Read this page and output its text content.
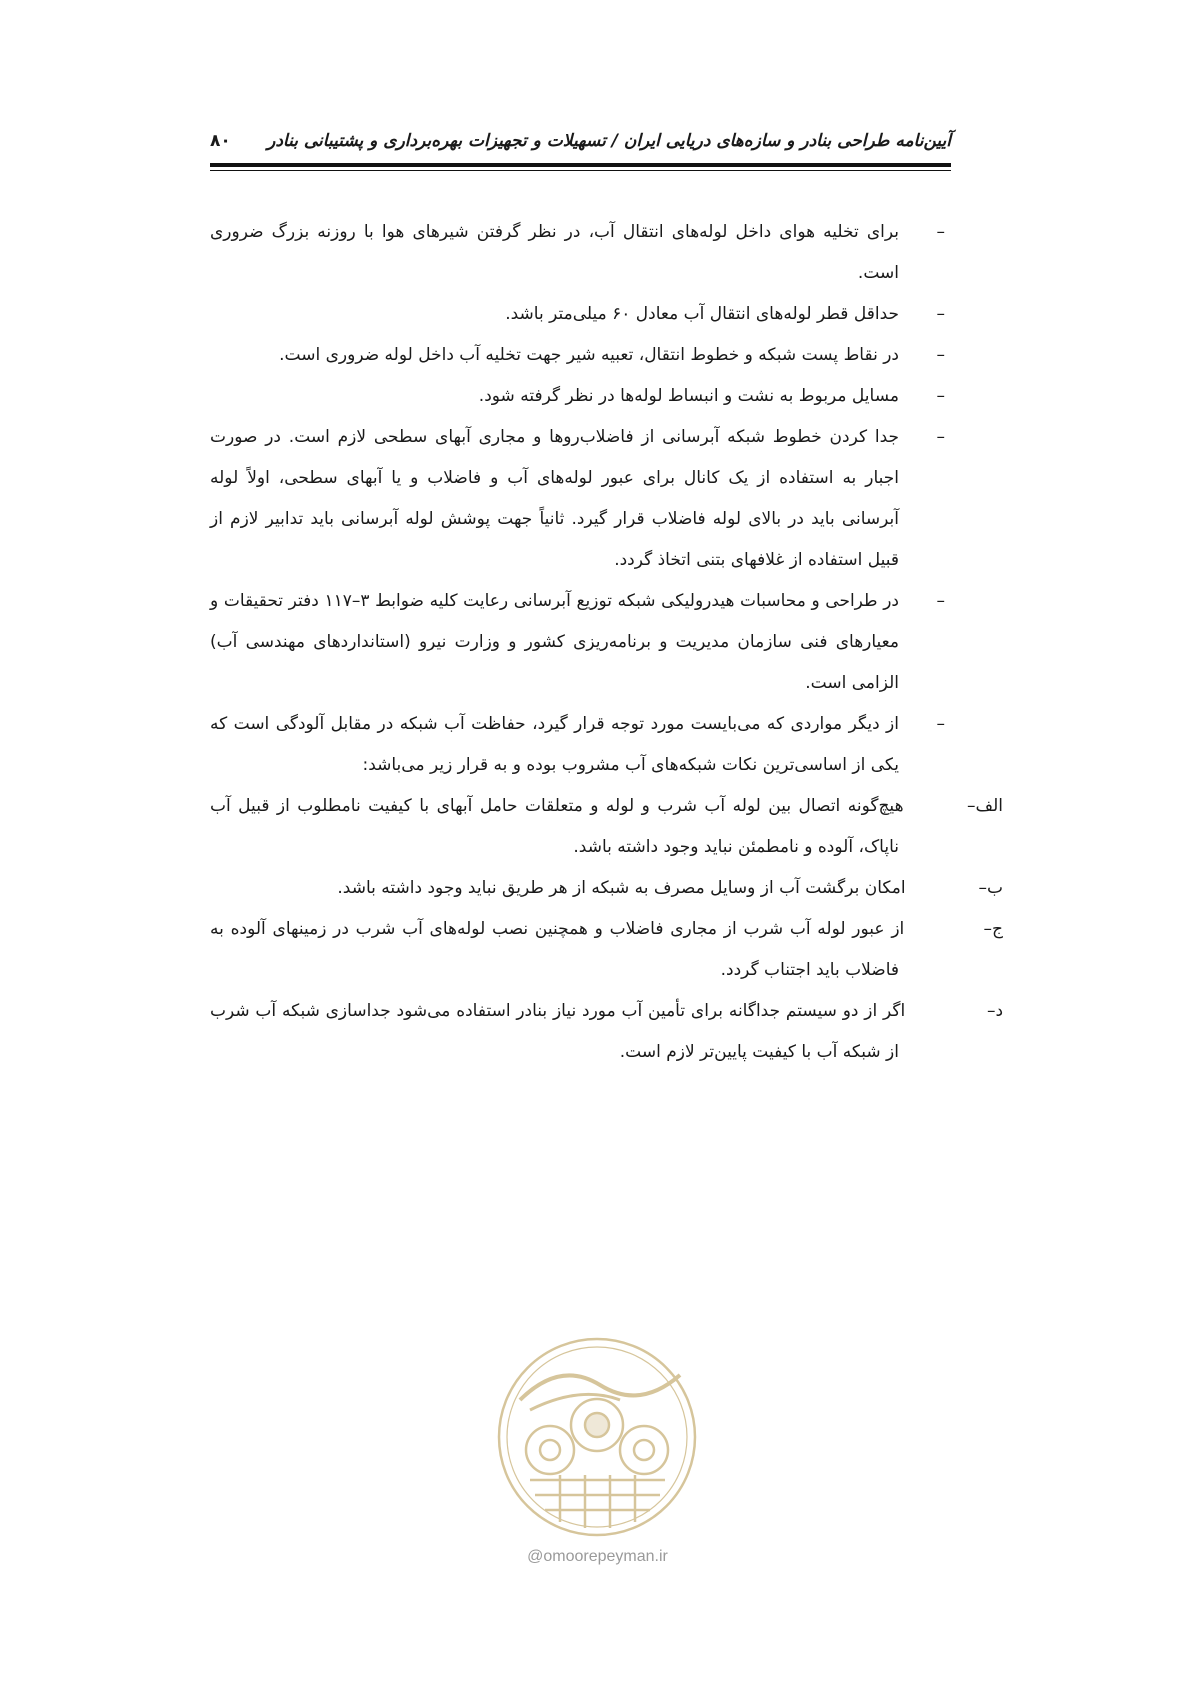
آیین‌نامه طراحی بنادر و سازه‌های دریایی ایران / تسهیلات و تجهیزات بهره‌برداری و پشتیبانی بنادر
۸۰
–
برای تخلیه هوای داخل لوله‌های انتقال آب، در نظر گرفتن شیرهای هوا با روزنه بزرگ ضروری است.
–
حداقل قطر لوله‌های انتقال آب معادل ۶۰ میلی‌متر باشد.
–
در نقاط پست شبکه و خطوط انتقال، تعبیه شیر جهت تخلیه آب داخل لوله ضروری است.
–
مسایل مربوط به نشت و انبساط لوله‌ها در نظر گرفته شود.
–
جدا کردن خطوط شبکه آبرسانی از فاضلاب‌روها و مجاری آبهای سطحی لازم است. در صورت اجبار به استفاده از یک کانال برای عبور لوله‌های آب و فاضلاب و یا آبهای سطحی، اولاً لوله آبرسانی باید در بالای لوله فاضلاب قرار گیرد. ثانیاً جهت پوشش لوله آبرسانی باید تدابیر لازم از قبیل استفاده از غلافهای بتنی اتخاذ گردد.
–
در طراحی و محاسبات هیدرولیکی شبکه توزیع آبرسانی رعایت کلیه ضوابط ۳–۱۱۷ دفتر تحقیقات و معیارهای فنی سازمان مدیریت و برنامه‌ریزی کشور و وزارت نیرو (استانداردهای مهندسی آب) الزامی است.
–
از دیگر مواردی که می‌بایست مورد توجه قرار گیرد، حفاظت آب شبکه در مقابل آلودگی است که یکی از اساسی‌ترین نکات شبکه‌های آب مشروب بوده و به قرار زیر می‌باشد:
الف– هیچ‌گونه اتصال بین لوله آب شرب و لوله و متعلقات حامل آبهای با کیفیت نامطلوب از قبیل آب ناپاک، آلوده و نامطمئن نباید وجود داشته باشد.
ب– امکان برگشت آب از وسایل مصرف به شبکه از هر طریق نباید وجود داشته باشد.
ج– از عبور لوله آب شرب از مجاری فاضلاب و همچنین نصب لوله‌های آب شرب در زمینهای آلوده به فاضلاب باید اجتناب گردد.
د– اگر از دو سیستم جداگانه برای تأمین آب مورد نیاز بنادر استفاده می‌شود جداسازی شبکه آب شرب از شبکه آب با کیفیت پایین‌تر لازم است.
@omoorepeyman.ir
